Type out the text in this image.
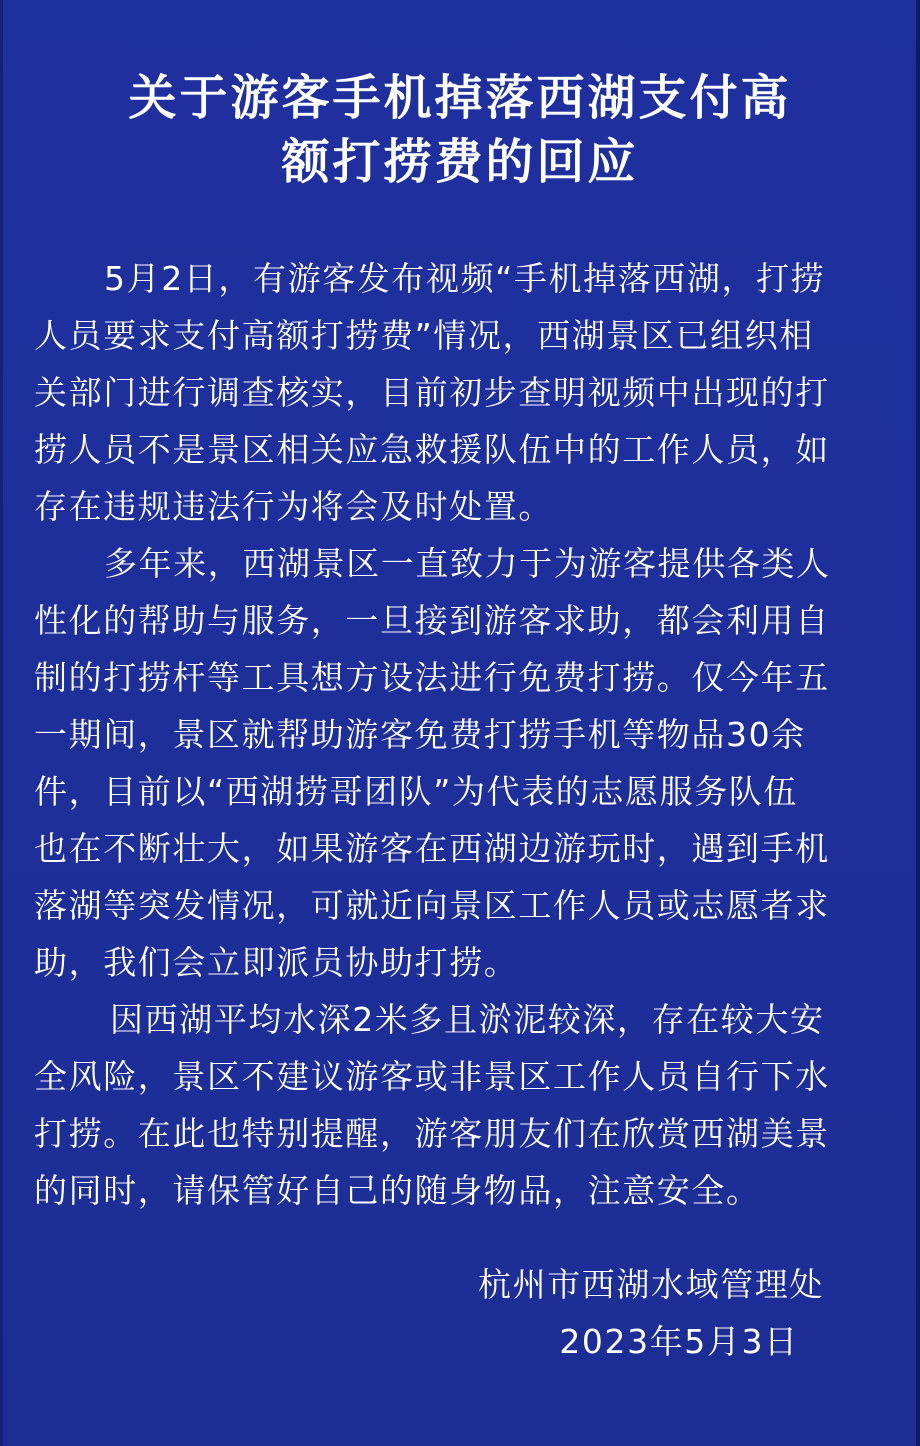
关于游客手机掉落西湖支付高
额打捞费的回应

5月2日，有游客发布视频“手机掉落西湖，打捞
人员要求支付高额打捞费”情况，西湖景区已组织相
关部门进行调查核实，目前初步查明视频中出现的打
捞人员不是景区相关应急救援队伍中的工作人员，如
存在违规违法行为将会及时处置。

多年来，西湖景区一直致力于为游客提供各类人
性化的帮助与服务，一旦接到游客求助，都会利用自
制的打捞杆等工具想方设法进行免费打捞。仅今年五
一期间，景区就帮助游客免费打捞手机等物品30余
件，目前以“西湖捞哥团队”为代表的志愿服务队伍
也在不断壮大，如果游客在西湖边游玩时，遇到手机
落湖等突发情况，可就近向景区工作人员或志愿者求
助，我们会立即派员协助打捞。

因西湖平均水深2米多且淤泥较深，存在较大安
全风险，景区不建议游客或非景区工作人员自行下水
打捞。在此也特别提醒，游客朋友们在欣赏西湖美景
的同时，请保管好自己的随身物品，注意安全。

杭州市西湖水域管理处
2023年5月3日
